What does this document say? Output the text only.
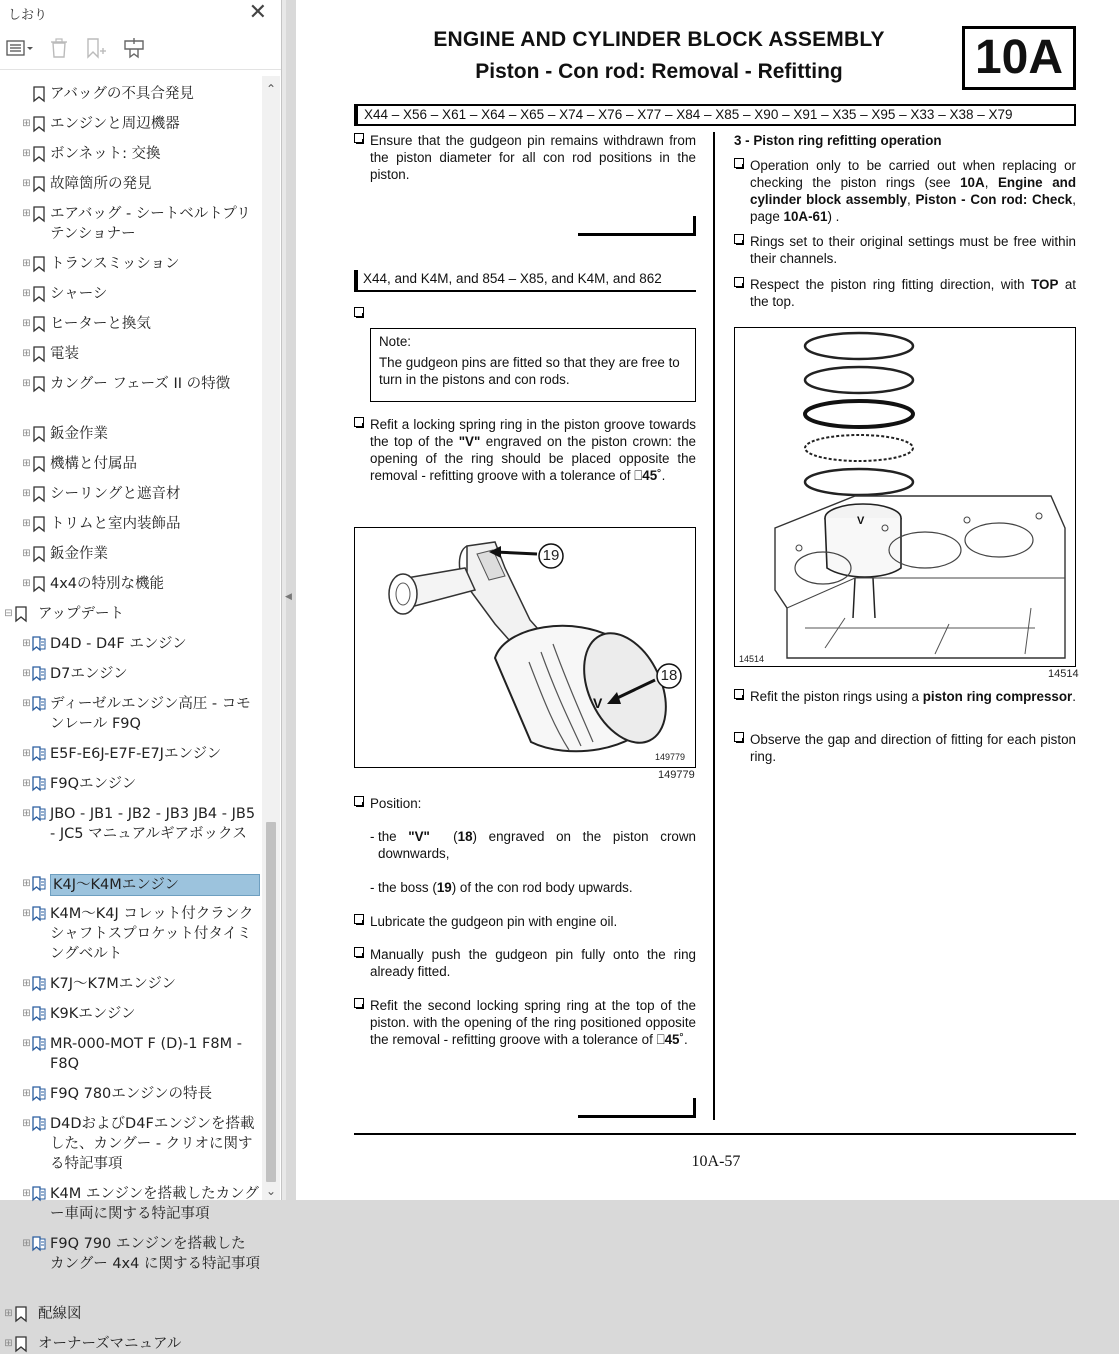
しおり	✕
アバッグの不具合発見
⊞ エンジンと周辺機器
⊞ ボンネット: 交換
⊞ 故障箇所の発見
⊞ エアバッグ - シートベルトプリテンショナー
⊞ トランスミッション
⊞ シャーシ
⊞ ヒーターと換気
⊞ 電装
⊞ カングー フェーズ II の特徴
⊞ 鈑金作業
⊞ 機構と付属品
⊞ シーリングと遮音材
⊞ トリムと室内装飾品
⊞ 鈑金作業
⊞ 4x4の特別な機能
⊟ アップデート
⊞ D4D - D4F エンジン
⊞ D7エンジン
⊞ ディーゼルエンジン高圧 - コモンレール F9Q
⊞ E5F-E6J-E7F-E7Jエンジン
⊞ F9Qエンジン
⊞ JBO - JB1 - JB2 - JB3 JB4 - JB5 - JC5 マニュアルギアボックス
⊞ K4J〜K4Mエンジン
⊞ K4M〜K4J コレット付クランクシャフトスプロケット付タイミングベルト
⊞ K7J〜K7Mエンジン
⊞ K9Kエンジン
⊞ MR-000-MOT F (D)-1 F8M - F8Q
⊞ F9Q 780エンジンの特長
⊞ D4DおよびD4Fエンジンを搭載した、カングー - クリオに関する特記事項
⊞ K4M エンジンを搭載したカングー車両に関する特記事項
⊞ F9Q 790 エンジンを搭載したカングー 4x4 に関する特記事項
⊞ 配線図
⊞ オーナーズマニュアル
⌃
⌄
◀
ENGINE AND CYLINDER BLOCK ASSEMBLY
Piston - Con rod: Removal - Refitting	10A
X44 – X56 – X61 – X64 – X65 – X74 – X76 – X77 – X84 – X85 – X90 – X91 – X35 – X95 – X33 – X38 – X79
Ensure that the gudgeon pin remains withdrawn from the piston diameter for all con rod positions in the piston.
X44, and K4M, and 854 – X85, and K4M, and 862
Note:
The gudgeon pins are fitted so that they are free to turn in the pistons and con rods.
Refit a locking spring ring in the piston groove towards the top of the "V" engraved on the piston crown: the opening of the ring should be placed opposite the removal - refitting groove with a tolerance of ⎕45˚.
V
19
18
149779
149779
Position:
- the "V" (18) engraved on the piston crown downwards,
- the boss (19) of the con rod body upwards.
Lubricate the gudgeon pin with engine oil.
Manually push the gudgeon pin fully onto the ring already fitted.
Refit the second locking spring ring at the top of the piston. with the opening of the ring positioned opposite the removal - refitting groove with a tolerance of ⎕45˚.
3 - Piston ring refitting operation
Operation only to be carried out when replacing or checking the piston rings (see 10A, Engine and cylinder block assembly, Piston - Con rod: Check, page 10A-61) .
Rings set to their original settings must be free within their channels.
Respect the piston ring fitting direction, with TOP at the top.
V
14514
14514
Refit the piston rings using a piston ring compressor.
Observe the gap and direction of fitting for each piston ring.
10A-57
